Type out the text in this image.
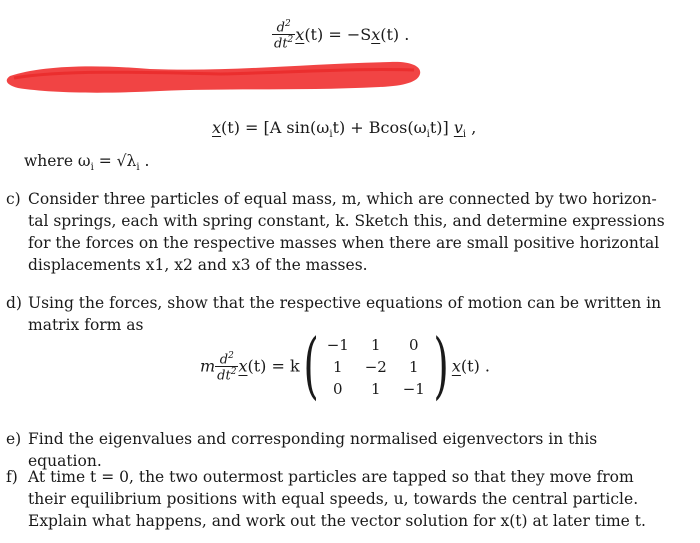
$\frac{d^2}{dt^2} x(t) = -Sx(t)$ .
x(t) = [A $\sin(\omega_it) + Bcos(\omega_it)$] $v_i$ ,
where $\omega_i = √\lambda_i$ .
c) Consider three particles of equal mass, m, which are connected by two horizon- tal springs, each with spring constant, k. Sketch this, and determine expressions for the forces on the respective masses when there are small positive horizontal displacements x1, x2 and x3 of the masses.
d) Using the forces, show that the respective equations of motion can be written in matrix form as
m $\frac{d^2}{dt^2} x(t) = k$ ( −1	1	0
1	−2	1
0	1	−1 ) x(t) .
e) Find the eigenvalues and corresponding normalised eigenvectors in this equation.
f) At time t = 0, the two outermost particles are tapped so that they move from their equilibrium positions with equal speeds, u, towards the central particle. Explain what happens, and work out the vector solution for x(t) at later time t.
